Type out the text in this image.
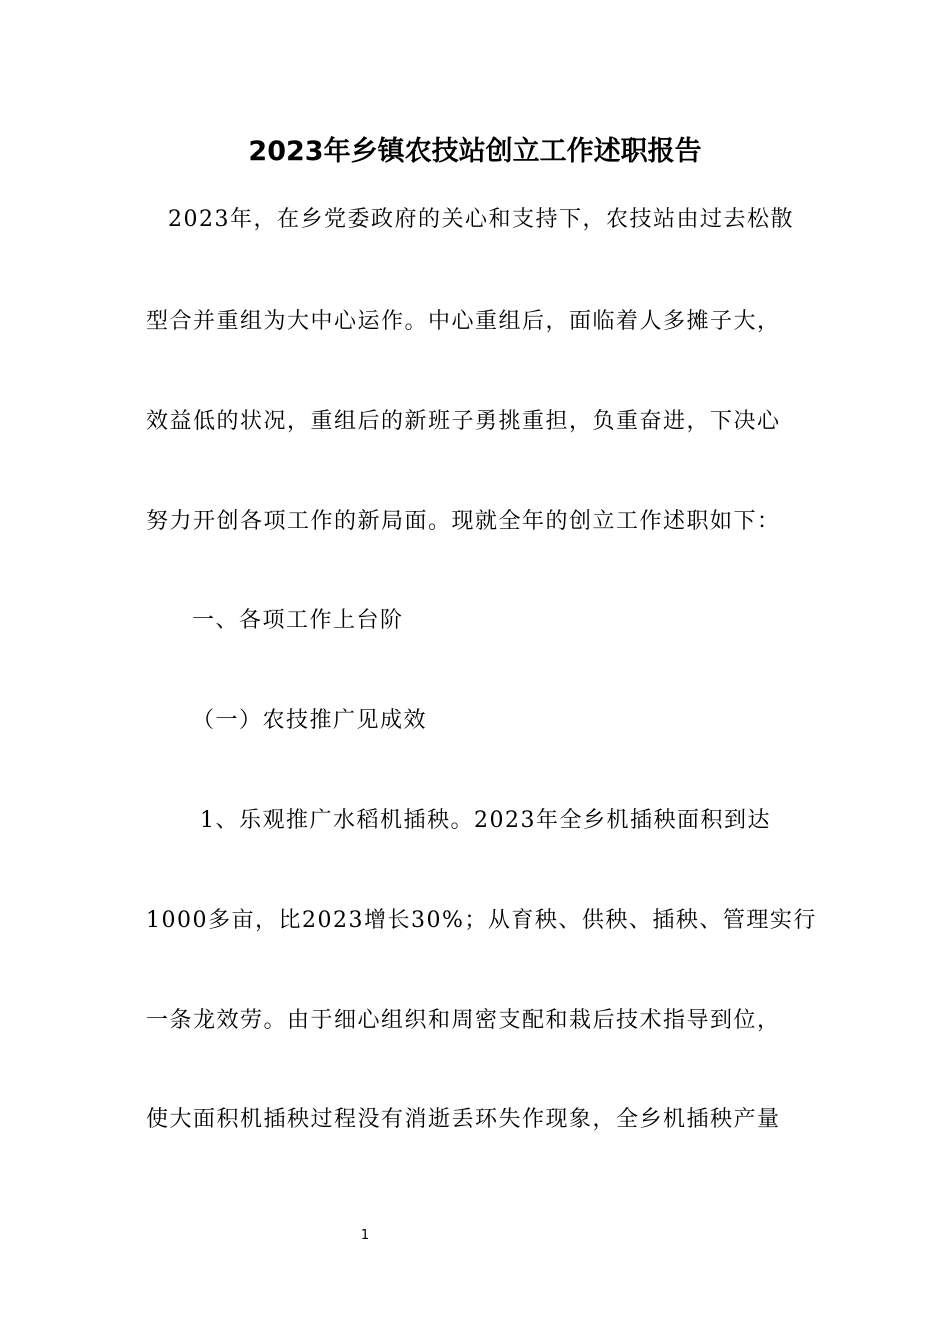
2023年乡镇农技站创立工作述职报告
2023年，在乡党委政府的关心和支持下，农技站由过去松散
型合并重组为大中心运作。中心重组后，面临着人多摊子大，
效益低的状况，重组后的新班子勇挑重担，负重奋进，下决心
努力开创各项工作的新局面。现就全年的创立工作述职如下：
一、各项工作上台阶
（一）农技推广见成效
1、乐观推广水稻机插秧。2023年全乡机插秧面积到达
1000多亩，比2023增长30%；从育秧、供秧、插秧、管理实行
一条龙效劳。由于细心组织和周密支配和栽后技术指导到位，
使大面积机插秧过程没有消逝丢环失作现象，全乡机插秧产量
1
